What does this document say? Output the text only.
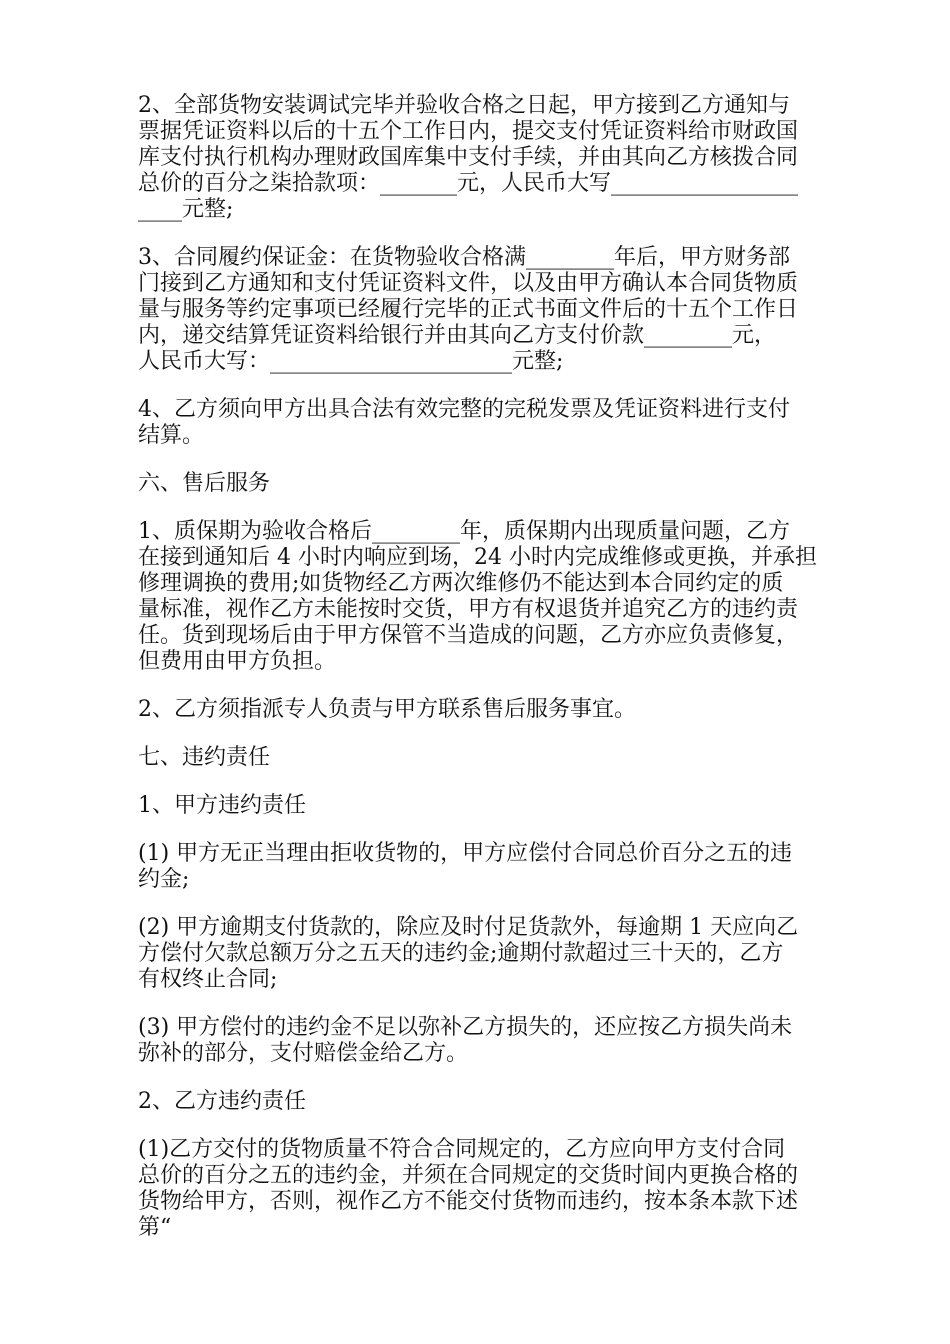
2、全部货物安装调试完毕并验收合格之日起，甲方接到乙方通知与
票据凭证资料以后的十五个工作日内，提交支付凭证资料给市财政国
库支付执行机构办理财政国库集中支付手续，并由其向乙方核拨合同
总价的百分之柒拾款项：_______元，人民币大写_________________
____元整;
3、合同履约保证金：在货物验收合格满________年后，甲方财务部
门接到乙方通知和支付凭证资料文件，以及由甲方确认本合同货物质
量与服务等约定事项已经履行完毕的正式书面文件后的十五个工作日
内，递交结算凭证资料给银行并由其向乙方支付价款________元，
人民币大写：______________________元整;
4、乙方须向甲方出具合法有效完整的完税发票及凭证资料进行支付
结算。
六、售后服务
1、质保期为验收合格后________年，质保期内出现质量问题，乙方
在接到通知后 4 小时内响应到场，24 小时内完成维修或更换，并承担
修理调换的费用;如货物经乙方两次维修仍不能达到本合同约定的质
量标准，视作乙方未能按时交货，甲方有权退货并追究乙方的违约责
任。货到现场后由于甲方保管不当造成的问题，乙方亦应负责修复，
但费用由甲方负担。
2、乙方须指派专人负责与甲方联系售后服务事宜。
七、违约责任
1、甲方违约责任
(1) 甲方无正当理由拒收货物的，甲方应偿付合同总价百分之五的违
约金;
(2) 甲方逾期支付货款的，除应及时付足货款外，每逾期 1 天应向乙
方偿付欠款总额万分之五天的违约金;逾期付款超过三十天的，乙方
有权终止合同;
(3) 甲方偿付的违约金不足以弥补乙方损失的，还应按乙方损失尚未
弥补的部分，支付赔偿金给乙方。
2、乙方违约责任
(1)乙方交付的货物质量不符合合同规定的，乙方应向甲方支付合同
总价的百分之五的违约金，并须在合同规定的交货时间内更换合格的
货物给甲方，否则，视作乙方不能交付货物而违约，按本条本款下述
第“
